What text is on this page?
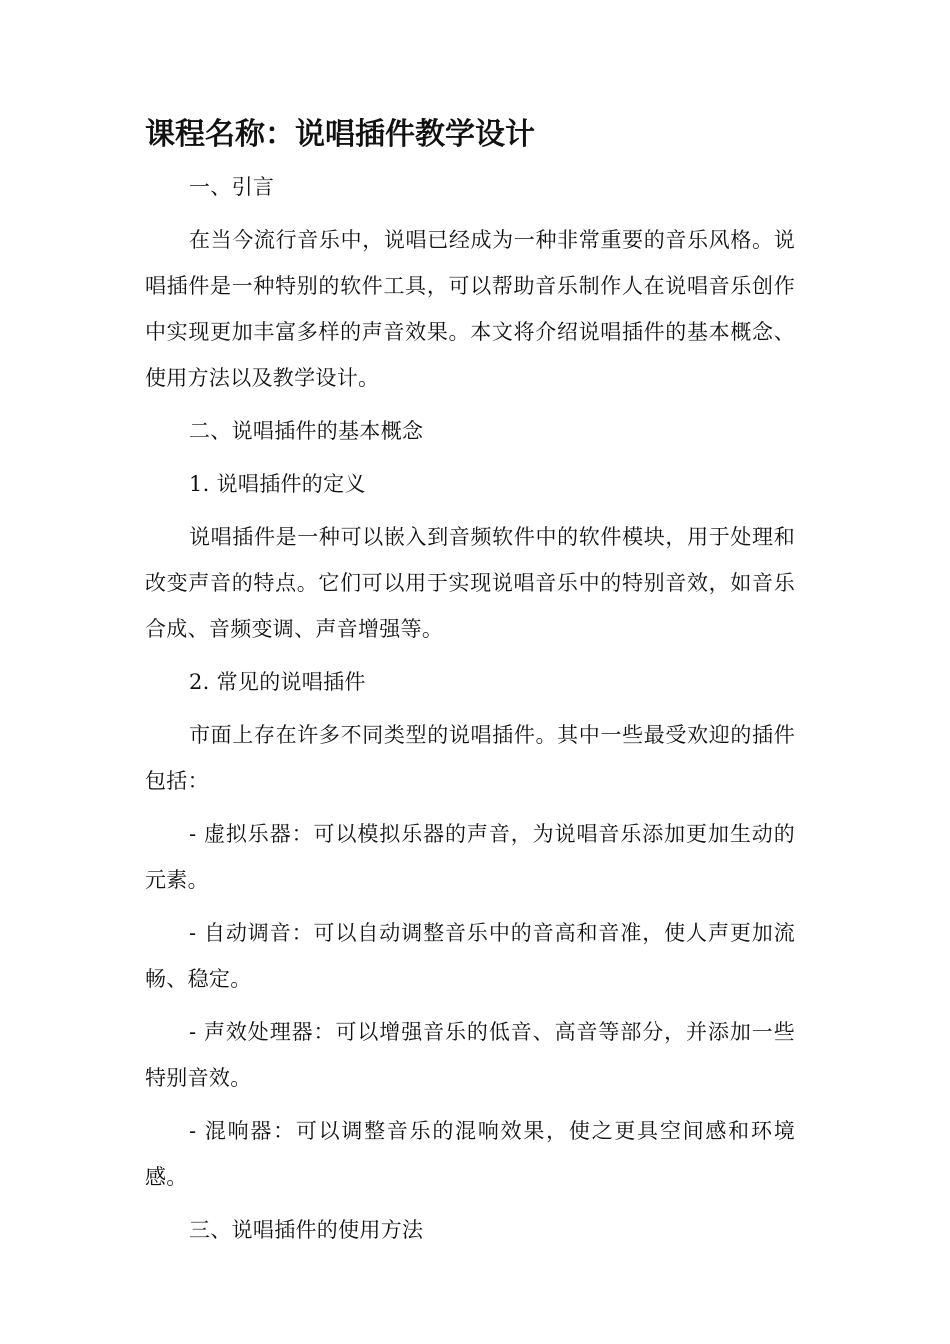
课程名称：说唱插件教学设计

一、引言

在当今流行音乐中，说唱已经成为一种非常重要的音乐风格。说唱插件是一种特别的软件工具，可以帮助音乐制作人在说唱音乐创作中实现更加丰富多样的声音效果。本文将介绍说唱插件的基本概念、使用方法以及教学设计。

二、说唱插件的基本概念

1. 说唱插件的定义

说唱插件是一种可以嵌入到音频软件中的软件模块，用于处理和改变声音的特点。它们可以用于实现说唱音乐中的特别音效，如音乐合成、音频变调、声音增强等。

2. 常见的说唱插件

市面上存在许多不同类型的说唱插件。其中一些最受欢迎的插件包括：

- 虚拟乐器：可以模拟乐器的声音，为说唱音乐添加更加生动的元素。

- 自动调音：可以自动调整音乐中的音高和音准，使人声更加流畅、稳定。

- 声效处理器：可以增强音乐的低音、高音等部分，并添加一些特别音效。

- 混响器：可以调整音乐的混响效果，使之更具空间感和环境感。

三、说唱插件的使用方法
